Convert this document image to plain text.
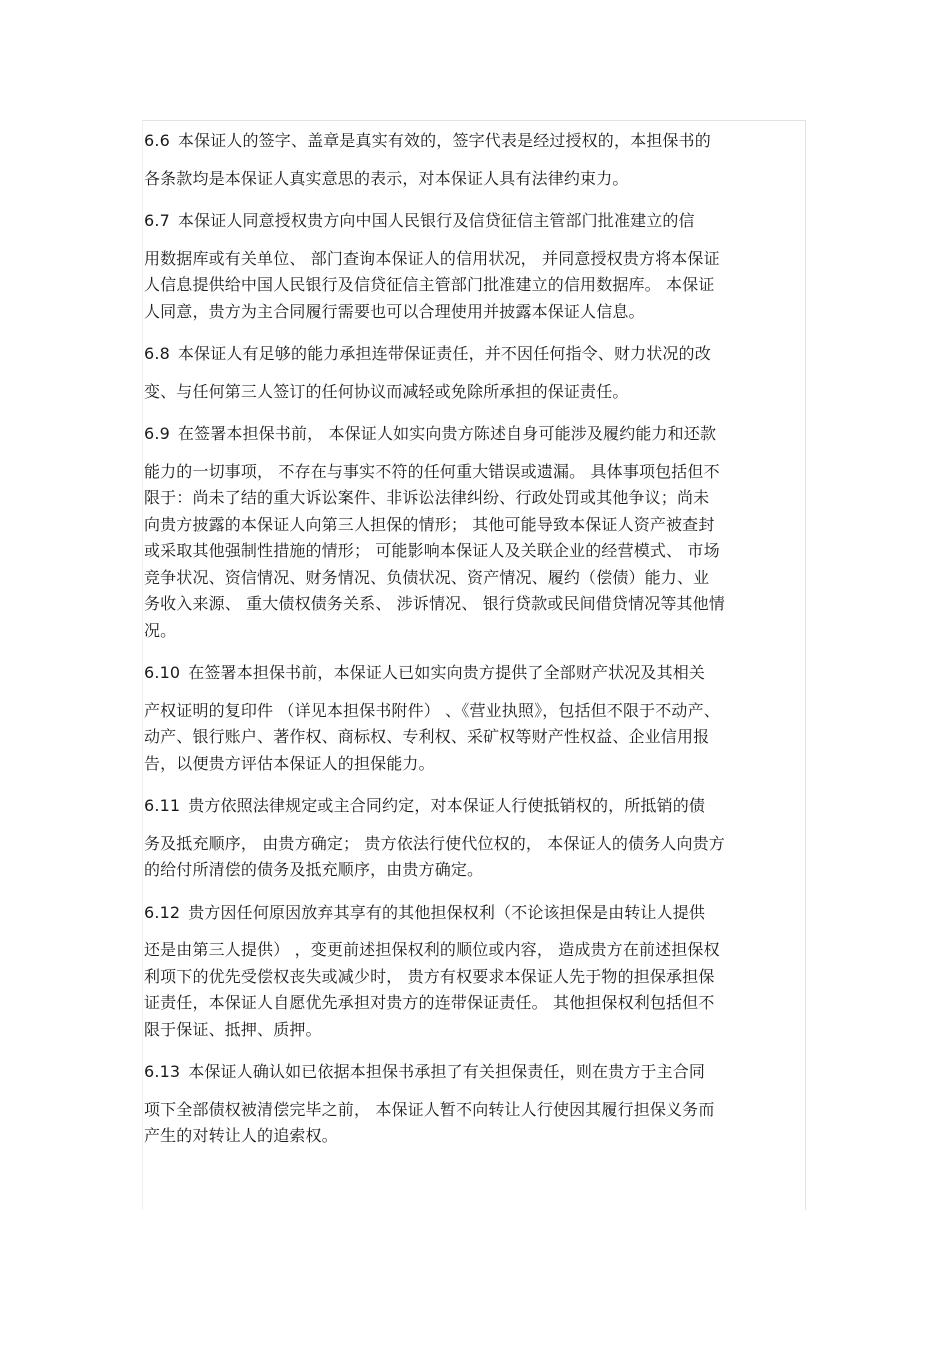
6.6 本保证人的签字、盖章是真实有效的，签字代表是经过授权的，本担保书的
各条款均是本保证人真实意思的表示，对本保证人具有法律约束力。
6.7 本保证人同意授权贵方向中国人民银行及信贷征信主管部门批准建立的信
用数据库或有关单位、 部门查询本保证人的信用状况， 并同意授权贵方将本保证
人信息提供给中国人民银行及信贷征信主管部门批准建立的信用数据库。 本保证
人同意，贵方为主合同履行需要也可以合理使用并披露本保证人信息。
6.8 本保证人有足够的能力承担连带保证责任，并不因任何指令、财力状况的改
变、与任何第三人签订的任何协议而减轻或免除所承担的保证责任。
6.9 在签署本担保书前， 本保证人如实向贵方陈述自身可能涉及履约能力和还款
能力的一切事项， 不存在与事实不符的任何重大错误或遗漏。 具体事项包括但不
限于：尚未了结的重大诉讼案件、非诉讼法律纠纷、行政处罚或其他争议；尚未
向贵方披露的本保证人向第三人担保的情形； 其他可能导致本保证人资产被查封
或采取其他强制性措施的情形； 可能影响本保证人及关联企业的经营模式、 市场
竞争状况、资信情况、财务情况、负债状况、资产情况、履约（偿债）能力、业
务收入来源、 重大债权债务关系、 涉诉情况、 银行贷款或民间借贷情况等其他情
况。
6.10 在签署本担保书前，本保证人已如实向贵方提供了全部财产状况及其相关
产权证明的复印件 （详见本担保书附件） 、《营业执照》，包括但不限于不动产、
动产、银行账户、著作权、商标权、专利权、采矿权等财产性权益、企业信用报
告，以便贵方评估本保证人的担保能力。
6.11 贵方依照法律规定或主合同约定，对本保证人行使抵销权的，所抵销的债
务及抵充顺序， 由贵方确定； 贵方依法行使代位权的， 本保证人的债务人向贵方
的给付所清偿的债务及抵充顺序，由贵方确定。
6.12 贵方因任何原因放弃其享有的其他担保权利（不论该担保是由转让人提供
还是由第三人提供） ，变更前述担保权利的顺位或内容， 造成贵方在前述担保权
利项下的优先受偿权丧失或减少时， 贵方有权要求本保证人先于物的担保承担保
证责任，本保证人自愿优先承担对贵方的连带保证责任。 其他担保权利包括但不
限于保证、抵押、质押。
6.13 本保证人确认如已依据本担保书承担了有关担保责任，则在贵方于主合同
项下全部债权被清偿完毕之前， 本保证人暂不向转让人行使因其履行担保义务而
产生的对转让人的追索权。
